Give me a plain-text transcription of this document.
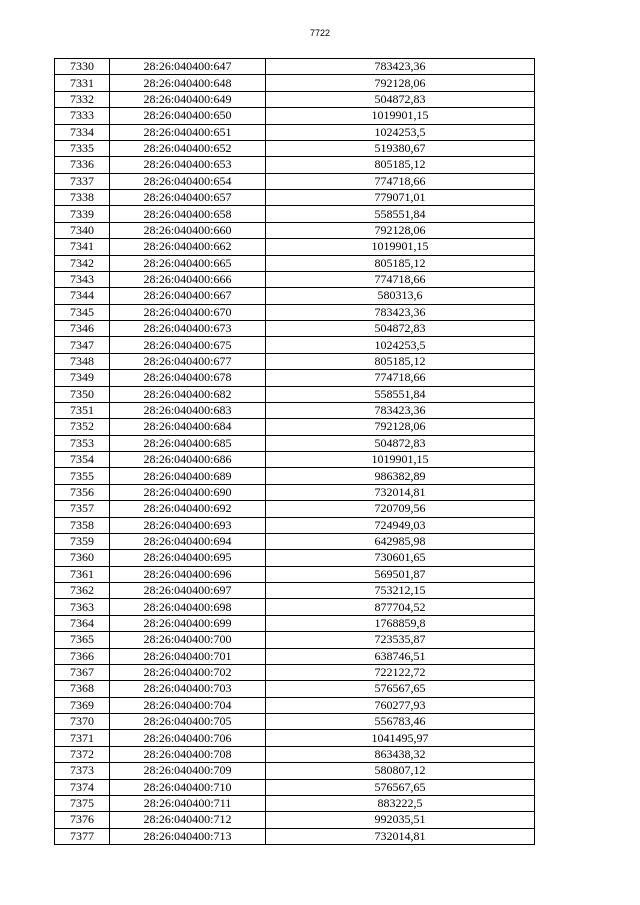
7722
7330	28:26:040400:647	783423,36
7331	28:26:040400:648	792128,06
7332	28:26:040400:649	504872,83
7333	28:26:040400:650	1019901,15
7334	28:26:040400:651	1024253,5
7335	28:26:040400:652	519380,67
7336	28:26:040400:653	805185,12
7337	28:26:040400:654	774718,66
7338	28:26:040400:657	779071,01
7339	28:26:040400:658	558551,84
7340	28:26:040400:660	792128,06
7341	28:26:040400:662	1019901,15
7342	28:26:040400:665	805185,12
7343	28:26:040400:666	774718,66
7344	28:26:040400:667	580313,6
7345	28:26:040400:670	783423,36
7346	28:26:040400:673	504872,83
7347	28:26:040400:675	1024253,5
7348	28:26:040400:677	805185,12
7349	28:26:040400:678	774718,66
7350	28:26:040400:682	558551,84
7351	28:26:040400:683	783423,36
7352	28:26:040400:684	792128,06
7353	28:26:040400:685	504872,83
7354	28:26:040400:686	1019901,15
7355	28:26:040400:689	986382,89
7356	28:26:040400:690	732014,81
7357	28:26:040400:692	720709,56
7358	28:26:040400:693	724949,03
7359	28:26:040400:694	642985,98
7360	28:26:040400:695	730601,65
7361	28:26:040400:696	569501,87
7362	28:26:040400:697	753212,15
7363	28:26:040400:698	877704,52
7364	28:26:040400:699	1768859,8
7365	28:26:040400:700	723535,87
7366	28:26:040400:701	638746,51
7367	28:26:040400:702	722122,72
7368	28:26:040400:703	576567,65
7369	28:26:040400:704	760277,93
7370	28:26:040400:705	556783,46
7371	28:26:040400:706	1041495,97
7372	28:26:040400:708	863438,32
7373	28:26:040400:709	580807,12
7374	28:26:040400:710	576567,65
7375	28:26:040400:711	883222,5
7376	28:26:040400:712	992035,51
7377	28:26:040400:713	732014,81
